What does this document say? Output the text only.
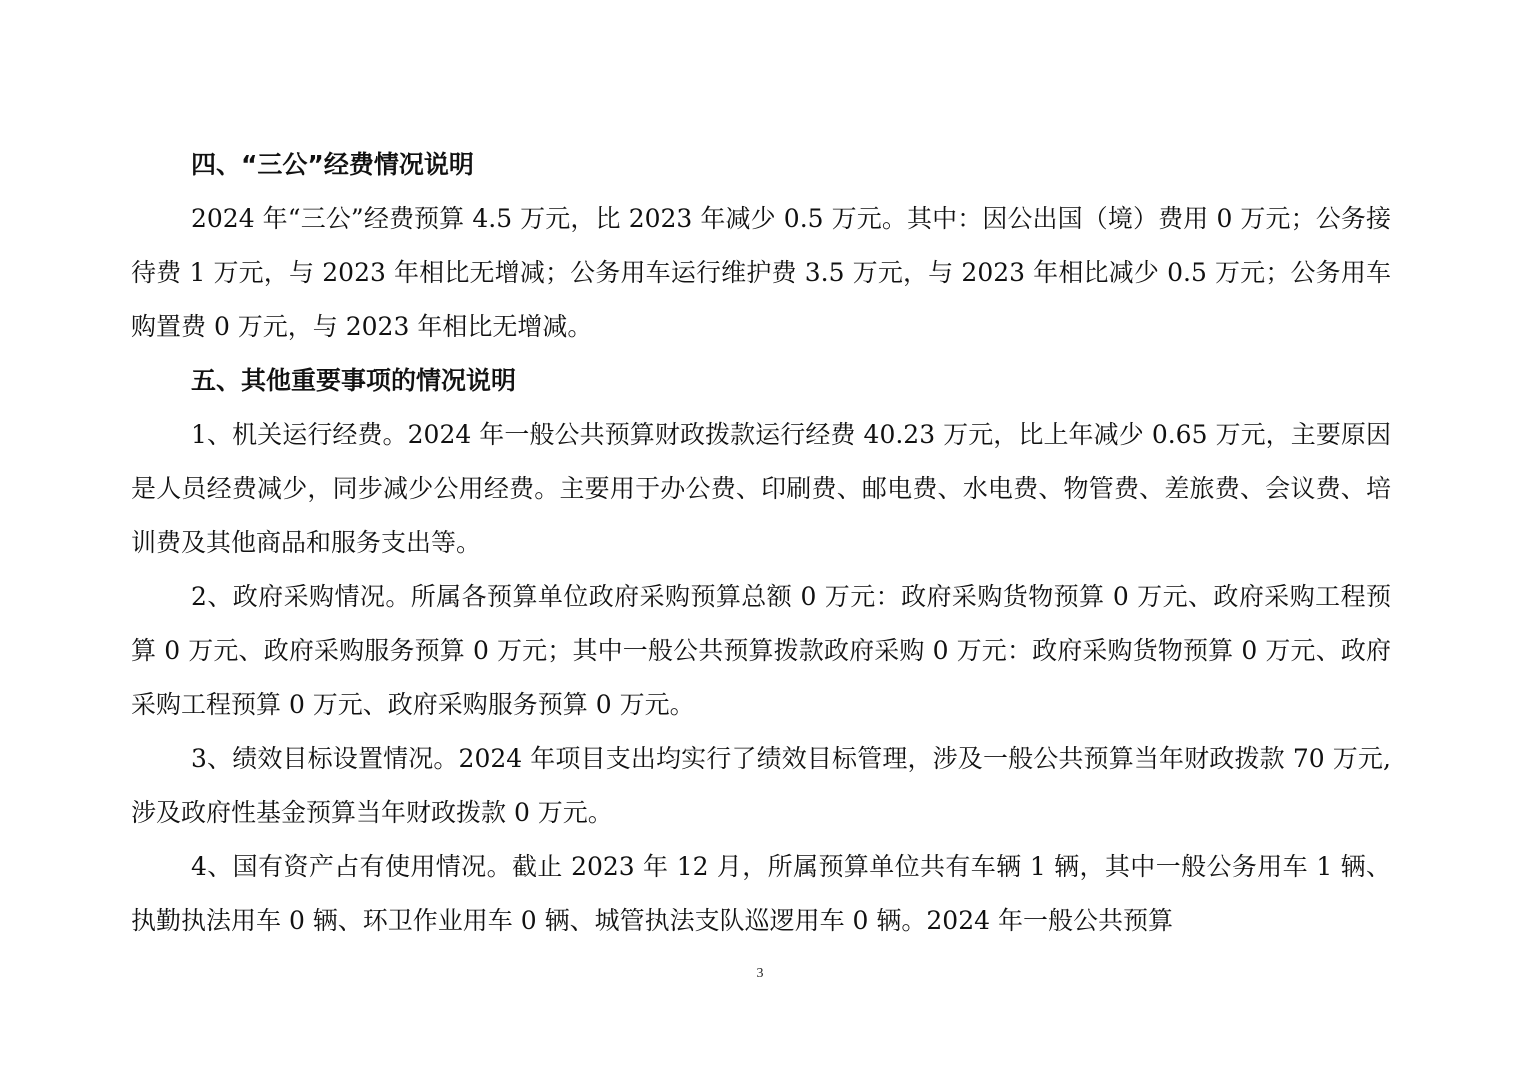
四、“三公”经费情况说明

2024 年“三公”经费预算 4.5 万元，比 2023 年减少 0.5 万元。其中：因公出国（境）费用 0 万元；公务接待费 1 万元，与 2023 年相比无增减；公务用车运行维护费 3.5 万元，与 2023 年相比减少 0.5 万元；公务用车购置费 0 万元，与 2023 年相比无增减。

五、其他重要事项的情况说明

1、机关运行经费。2024 年一般公共预算财政拨款运行经费 40.23 万元，比上年减少 0.65 万元，主要原因是人员经费减少，同步减少公用经费。主要用于办公费、印刷费、邮电费、水电费、物管费、差旅费、会议费、培训费及其他商品和服务支出等。

2、政府采购情况。所属各预算单位政府采购预算总额 0 万元：政府采购货物预算 0 万元、政府采购工程预算 0 万元、政府采购服务预算 0 万元；其中一般公共预算拨款政府采购 0 万元：政府采购货物预算 0 万元、政府采购工程预算 0 万元、政府采购服务预算 0 万元。

3、绩效目标设置情况。2024 年项目支出均实行了绩效目标管理，涉及一般公共预算当年财政拨款 70 万元,涉及政府性基金预算当年财政拨款 0 万元。

4、国有资产占有使用情况。截止 2023 年 12 月，所属预算单位共有车辆 1 辆，其中一般公务用车 1 辆、执勤执法用车 0 辆、环卫作业用车 0 辆、城管执法支队巡逻用车 0 辆。2024 年一般公共预算

3
